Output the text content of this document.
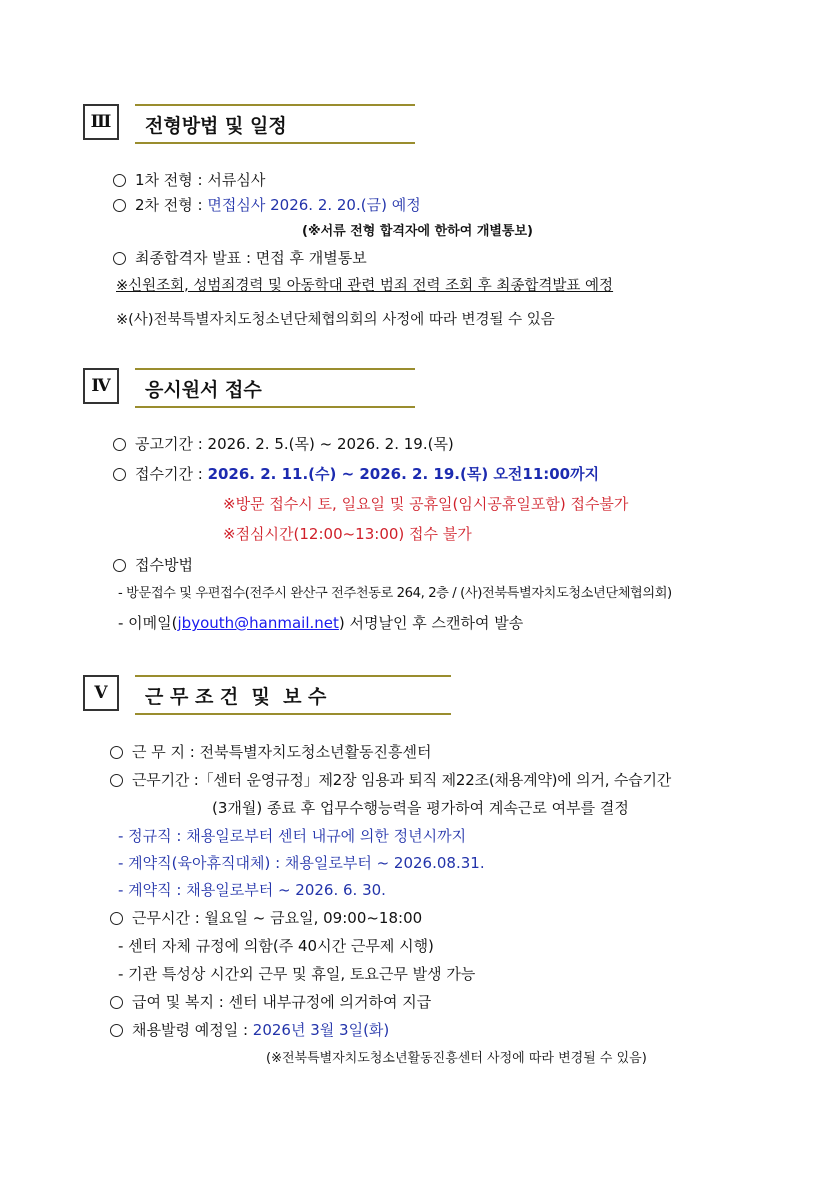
Ⅲ	전형방법 및 일정
1차 전형 : 서류심사
2차 전형 : 면접심사 2026. 2. 20.(금) 예정
(※서류 전형 합격자에 한하여 개별통보)
최종합격자 발표 : 면접 후 개별통보
※신원조회, 성범죄경력 및 아동학대 관련 범죄 전력 조회 후 최종합격발표 예정
※(사)전북특별자치도청소년단체협의회의 사정에 따라 변경될 수 있음
Ⅳ	응시원서 접수
공고기간 : 2026. 2. 5.(목) ~ 2026. 2. 19.(목)
접수기간 : 2026. 2. 11.(수) ~ 2026. 2. 19.(목) 오전11:00까지
※방문 접수시 토, 일요일 및 공휴일(임시공휴일포함) 접수불가
※점심시간(12:00~13:00) 접수 불가
접수방법
- 방문접수 및 우편접수(전주시 완산구 전주천동로 264, 2층 / (사)전북특별자치도청소년단체협의회)
- 이메일(jbyouth@hanmail.net) 서명날인 후 스캔하여 발송
Ⅴ	근 무 조 건  및  보 수
근 무 지 : 전북특별자치도청소년활동진흥센터
근무기간 :「센터 운영규정」제2장 임용과 퇴직 제22조(채용계약)에 의거, 수습기간
(3개월) 종료 후 업무수행능력을 평가하여 계속근로 여부를 결정
- 정규직 : 채용일로부터 센터 내규에 의한 정년시까지
- 계약직(육아휴직대체) : 채용일로부터 ~ 2026.08.31.
- 계약직 : 채용일로부터 ~ 2026. 6. 30.
근무시간 : 월요일 ~ 금요일, 09:00~18:00
- 센터 자체 규정에 의함(주 40시간 근무제 시행)
- 기관 특성상 시간외 근무 및 휴일, 토요근무 발생 가능
급여 및 복지 : 센터 내부규정에 의거하여 지급
채용발령 예정일 : 2026년 3월 3일(화)
(※전북특별자치도청소년활동진흥센터 사정에 따라 변경될 수 있음)
